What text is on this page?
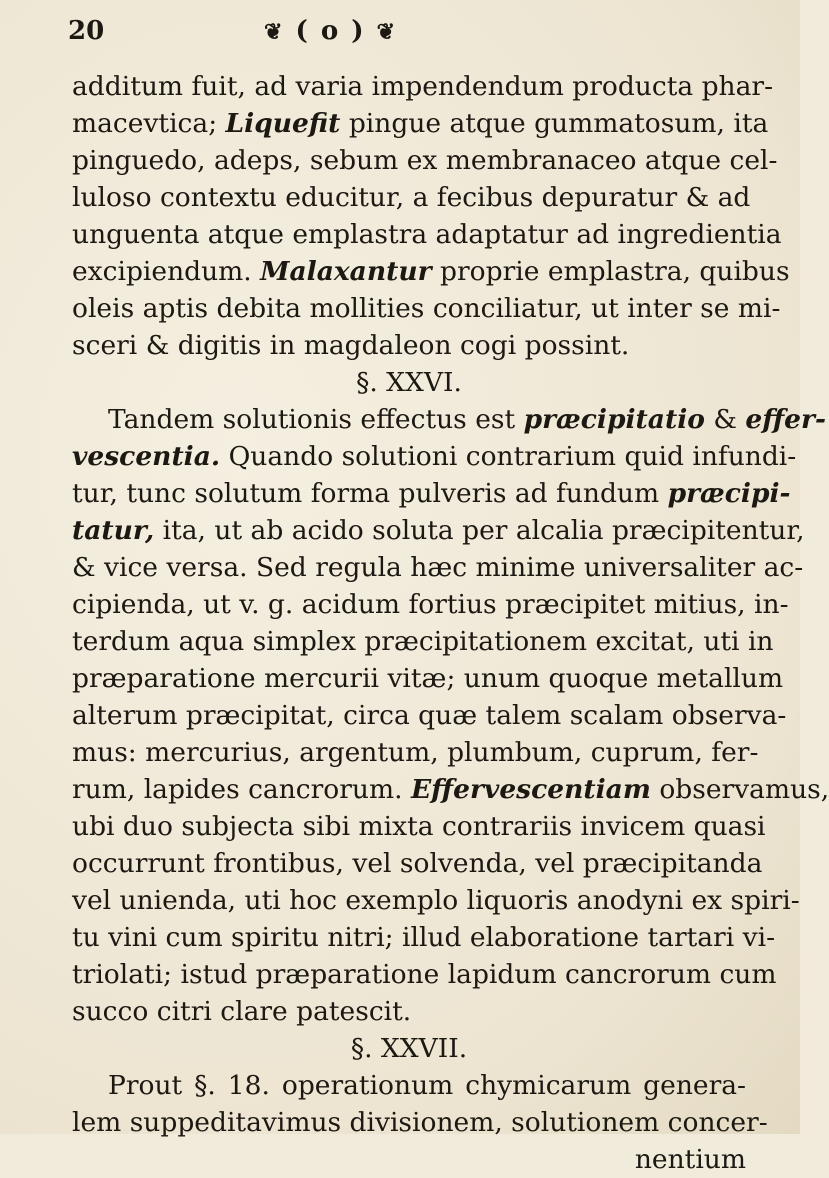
20	❦ ( o ) ❦
additum fuit, ad varia impendendum producta phar-
macevtica; Liquefit pingue atque gummatosum, ita
pinguedo, adeps, sebum ex membranaceo atque cel-
lulosо contextu educitur, a fecibus depuratur & ad
unguenta atque emplastra adaptatur ad ingredientia
excipiendum. Malaxantur proprie emplastra, quibus
oleis aptis debita mollities conciliatur, ut inter se mi-
sceri & digitis in magdaleon cogi possint.
§. XXVI.
Tandem solutionis effectus est præcipitatio & effer-
vescentia. Quando solutioni contrarium quid infundi-
tur, tunc solutum forma pulveris ad fundum præcipi-
tatur, ita, ut ab acido soluta per alcalia præcipitentur,
& vice versa. Sed regula hæc minime universaliter ac-
cipienda, ut v. g. acidum fortius præcipitet mitius, in-
terdum aqua simplex præcipitationem excitat, uti in
præparatione mercurii vitæ; unum quoque metallum
alterum præcipitat, circa quæ talem scalam observa-
mus: mercurius, argentum, plumbum, cuprum, fer-
rum, lapides cancrorum. Effervescentiam observamus,
ubi duo subjecta sibi mixta contrariis invicem quasi
occurrunt frontibus, vel solvenda, vel præcipitanda
vel unienda, uti hoc exemplo liquoris anodyni ex spiri-
tu vini cum spiritu nitri; illud elaboratione tartari vi-
triolati; istud præparatione lapidum cancrorum cum
succo citri clare patescit.
§. XXVII.
Prout §. 18. operationum chymicarum genera-
lem suppeditavimus divisionem, solutionem concer-
nentium
